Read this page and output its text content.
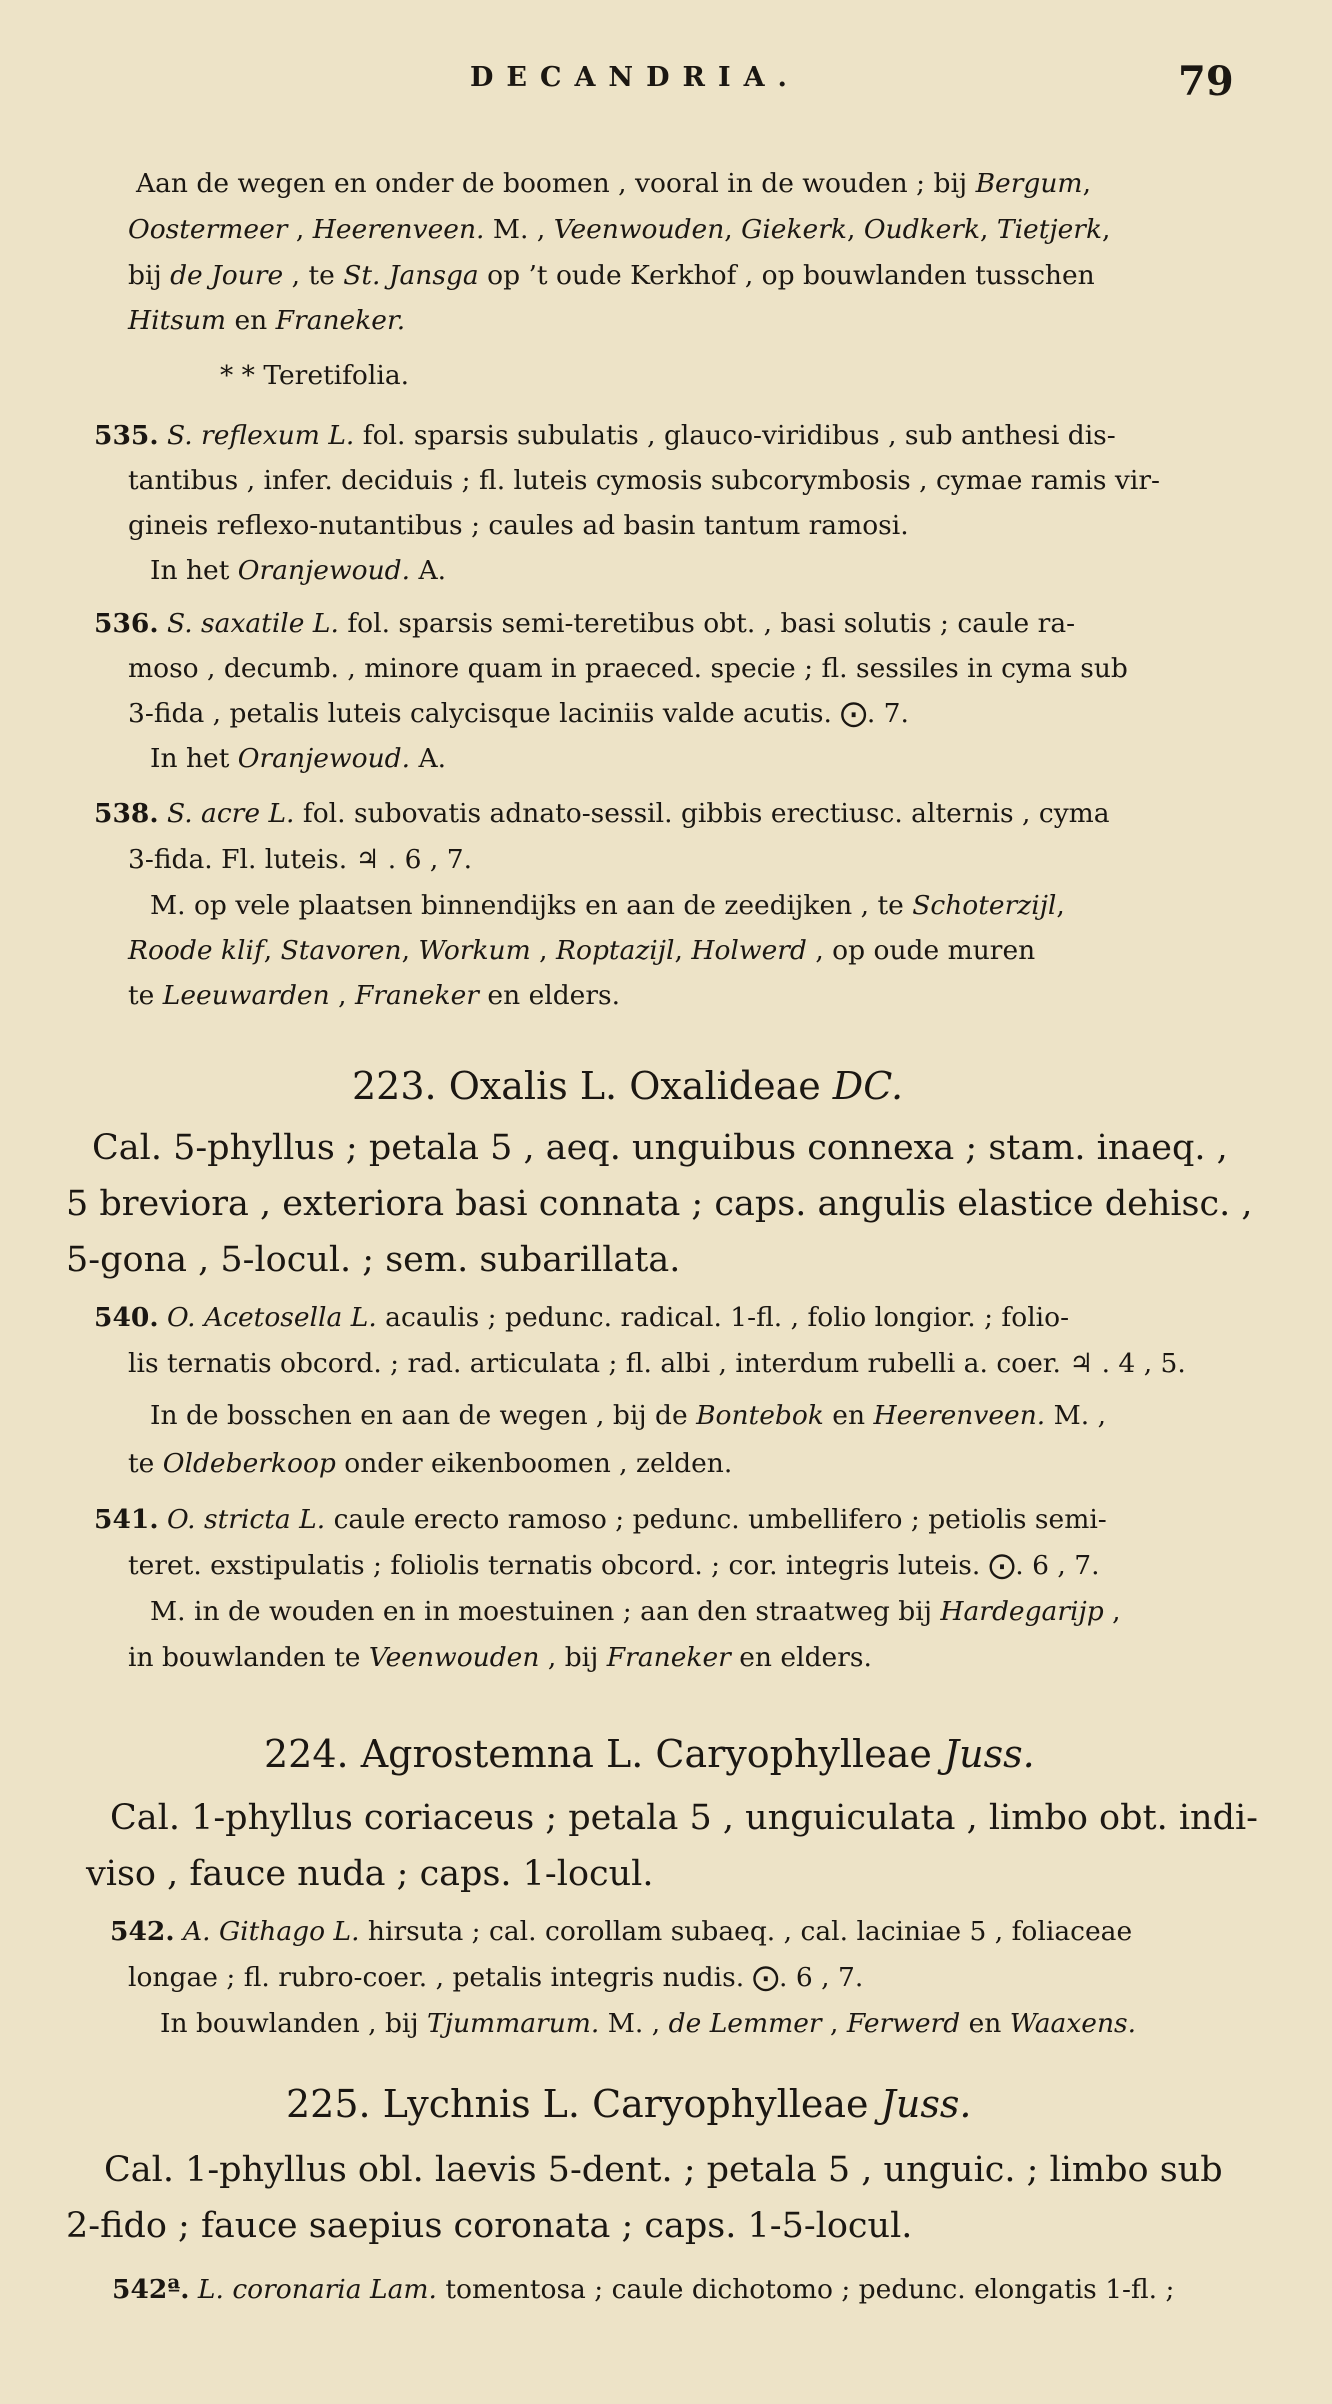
DECANDRIA.	79
Aan de wegen en onder de boomen , vooral in de wouden ; bij Bergum,
Oostermeer , Heerenveen. M. , Veenwouden, Giekerk, Oudkerk, Tietjerk,
bij de Joure , te St. Jansga op ’t oude Kerkhof , op bouwlanden tusschen
Hitsum en Franeker.
* * Teretifolia.
535. S. reflexum L. fol. sparsis subulatis , glauco-viridibus , sub anthesi dis-
tantibus , infer. deciduis ; fl. luteis cymosis subcorymbosis , cymae ramis vir-
gineis reflexo-nutantibus ; caules ad basin tantum ramosi.
In het Oranjewoud. A.
536. S. saxatile L. fol. sparsis semi-teretibus obt. , basi solutis ; caule ra-
moso , decumb. , minore quam in praeced. specie ; fl. sessiles in cyma sub
3-fida , petalis luteis calycisque laciniis valde acutis. ⨀. 7.
In het Oranjewoud. A.
538. S. acre L. fol. subovatis adnato-sessil. gibbis erectiusc. alternis , cyma
3-fida. Fl. luteis. ♃ . 6 , 7.
M. op vele plaatsen binnendijks en aan de zeedijken , te Schoterzijl,
Roode klif, Stavoren, Workum , Roptazijl, Holwerd , op oude muren
te Leeuwarden , Franeker en elders.
223. Oxalis L. Oxalideae DC.
Cal. 5-phyllus ; petala 5 , aeq. unguibus connexa ; stam. inaeq. ,
5 breviora , exteriora basi connata ; caps. angulis elastice dehisc. ,
5-gona , 5-locul. ; sem. subarillata.
540. O. Acetosella L. acaulis ; pedunc. radical. 1-fl. , folio longior. ; folio-
lis ternatis obcord. ; rad. articulata ; fl. albi , interdum rubelli a. coer. ♃ . 4 , 5.
In de bosschen en aan de wegen , bij de Bontebok en Heerenveen. M. ,
te Oldeberkoop onder eikenboomen , zelden.
541. O. stricta L. caule erecto ramoso ; pedunc. umbellifero ; petiolis semi-
teret. exstipulatis ; foliolis ternatis obcord. ; cor. integris luteis. ⨀. 6 , 7.
M. in de wouden en in moestuinen ; aan den straatweg bij Hardegarijp ,
in bouwlanden te Veenwouden , bij Franeker en elders.
224. Agrostemna L. Caryophylleae Juss.
Cal. 1-phyllus coriaceus ; petala 5 , unguiculata , limbo obt. indi-
viso , fauce nuda ; caps. 1-locul.
542. A. Githago L. hirsuta ; cal. corollam subaeq. , cal. laciniae 5 , foliaceae
longae ; fl. rubro-coer. , petalis integris nudis. ⨀. 6 , 7.
In bouwlanden , bij Tjummarum. M. , de Lemmer , Ferwerd en Waaxens.
225. Lychnis L. Caryophylleae Juss.
Cal. 1-phyllus obl. laevis 5-dent. ; petala 5 , unguic. ; limbo sub
2-fido ; fauce saepius coronata ; caps. 1-5-locul.
542ª. L. coronaria Lam. tomentosa ; caule dichotomo ; pedunc. elongatis 1-fl. ;
